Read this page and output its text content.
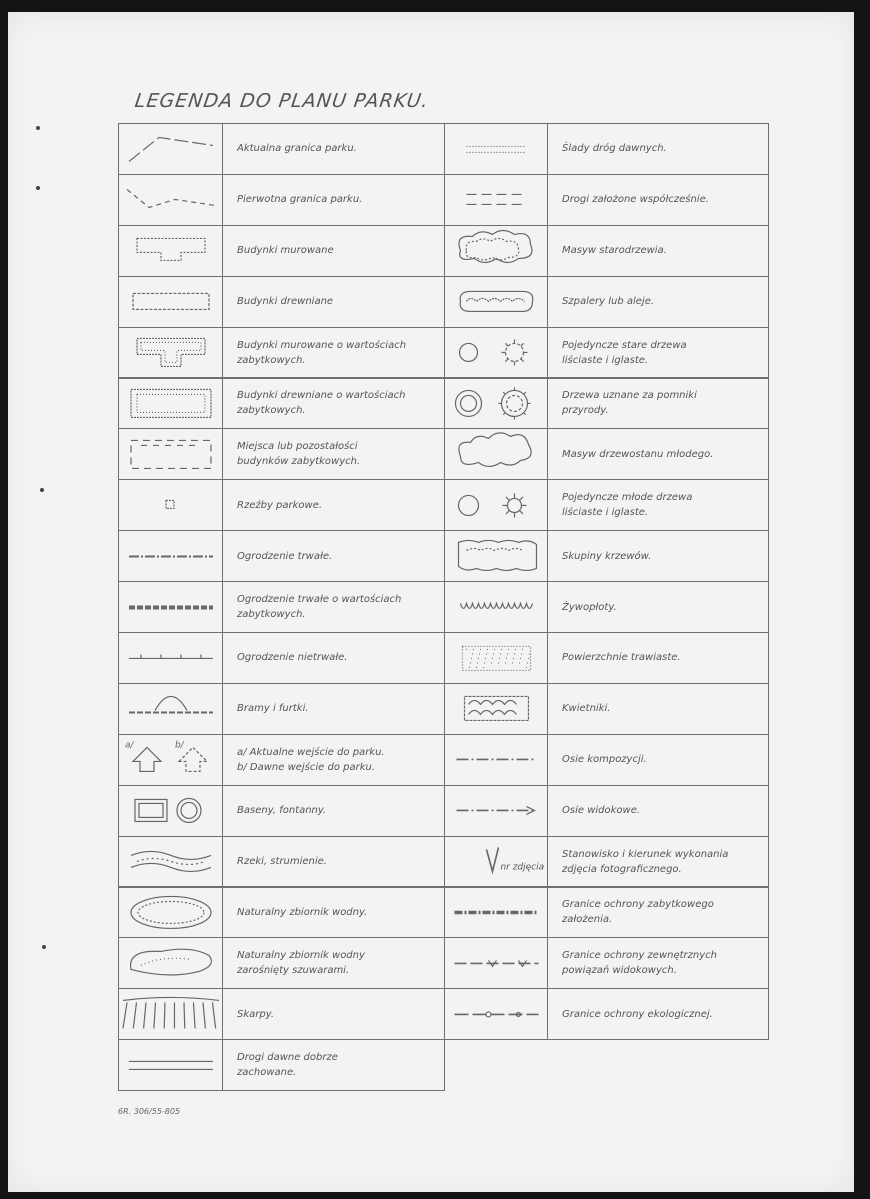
LEGENDA DO PLANU PARKU.
Aktualna granica parku.
Pierwotna granica parku.
Budynki murowane
Budynki drewniane
Budynki murowane o wartościach
zabytkowych.
Budynki drewniane o wartościach
zabytkowych.
Miejsca lub pozostałości
budynków zabytkowych.
Rzeźby parkowe.
Ogrodzenie trwałe.
Ogrodzenie trwałe o wartościach
zabytkowych.
Ogrodzenie nietrwałe.
Bramy i furtki.
a/	b/
a/ Aktualne wejście do parku.
b/ Dawne wejście do parku.
Baseny, fontanny.
Rzeki, strumienie.
Naturalny zbiornik wodny.
Naturalny zbiornik wodny
zarośnięty szuwarami.
Skarpy.
Drogi dawne dobrze
zachowane.
Ślady dróg dawnych.
Drogi założone współcześnie.
Masyw starodrzewia.
Szpalery lub aleje.
Pojedyncze stare drzewa
liściaste i iglaste.
Drzewa uznane za pomniki
przyrody.
Masyw drzewostanu młodego.
Pojedyncze młode drzewa
liściaste i iglaste.
Skupiny krzewów.
Żywopłoty.
Powierzchnie trawiaste.
Kwietniki.
Osie kompozycji.
Osie widokowe.
nr zdjęcia
Stanowisko i kierunek wykonania
zdjęcia fotograficznego.
Granice ochrony zabytkowego
założenia.
Granice ochrony zewnętrznych
powiązań widokowych.
Granice ochrony ekologicznej.
6R. 306/55-805
